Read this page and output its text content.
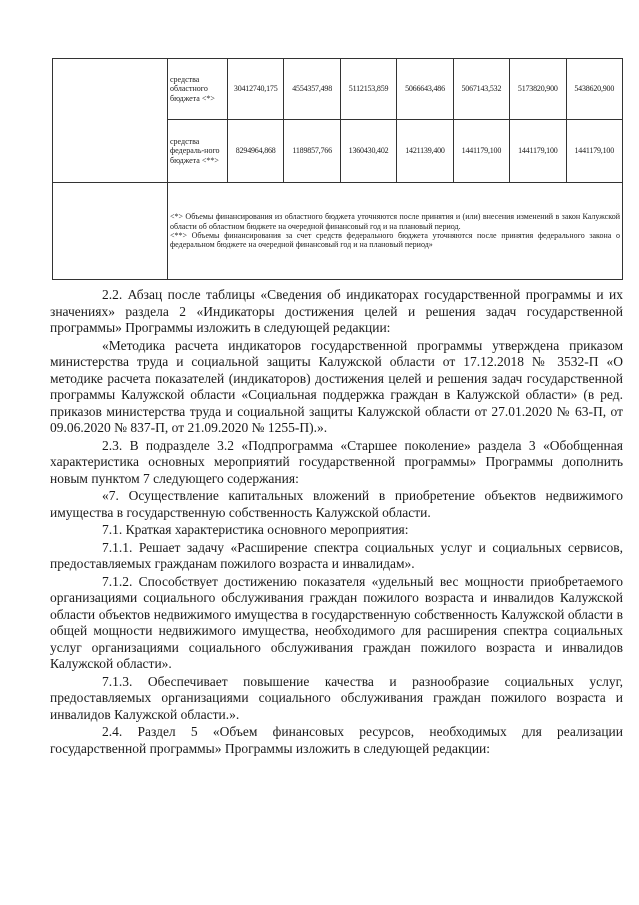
	средства областного бюджета <*>	30412740,175	4554357,498	5112153,859	5066643,486	5067143,532	5173820,900	5438620,900
	средства федераль-ного бюджета <**>	8294964,868	1189857,766	1360430,402	1421139,400	1441179,100	1441179,100	1441179,100

	<*> Объемы финансирования из областного бюджета уточняются после принятия и (или) внесения изменений в закон Калужской области об областном бюджете на очередной финансовый год и на плановый период.
<**> Объемы финансирования за счет средств федерального бюджета уточняются после принятия федерального закона о федеральном бюджете на очередной финансовый год и на плановый период»							

2.2. Абзац после таблицы «Сведения об индикаторах государственной программы и их значениях» раздела 2 «Индикаторы достижения целей и решения задач государственной программы» Программы изложить в следующей редакции:

«Методика расчета индикаторов государственной программы утверждена приказом министерства труда и социальной защиты Калужской области от 17.12.2018 № 3532-П «О методике расчета показателей (индикаторов) достижения целей и решения задач государственной программы Калужской области «Социальная поддержка граждан в Калужской области» (в ред. приказов министерства труда и социальной защиты Калужской области от 27.01.2020 № 63-П, от 09.06.2020 № 837-П, от 21.09.2020 № 1255-П).».

2.3. В подразделе 3.2 «Подпрограмма «Старшее поколение» раздела 3 «Обобщенная характеристика основных мероприятий государственной программы» Программы дополнить новым пунктом 7 следующего содержания:

«7. Осуществление капитальных вложений в приобретение объектов недвижимого имущества в государственную собственность Калужской области.

7.1. Краткая характеристика основного мероприятия:

7.1.1. Решает задачу «Расширение спектра социальных услуг и социальных сервисов, предоставляемых гражданам пожилого возраста и инвалидам».

7.1.2. Способствует достижению показателя «удельный вес мощности приобретаемого организациями социального обслуживания граждан пожилого возраста и инвалидов Калужской области объектов недвижимого имущества в государственную собственность Калужской области в общей мощности недвижимого имущества, необходимого для расширения спектра социальных услуг организациями социального обслуживания граждан пожилого возраста и инвалидов Калужской области».

7.1.3. Обеспечивает повышение качества и разнообразие социальных услуг, предоставляемых организациями социального обслуживания граждан пожилого возраста и инвалидов Калужской области.».

2.4. Раздел 5 «Объем финансовых ресурсов, необходимых для реализации государственной программы» Программы изложить в следующей редакции:
